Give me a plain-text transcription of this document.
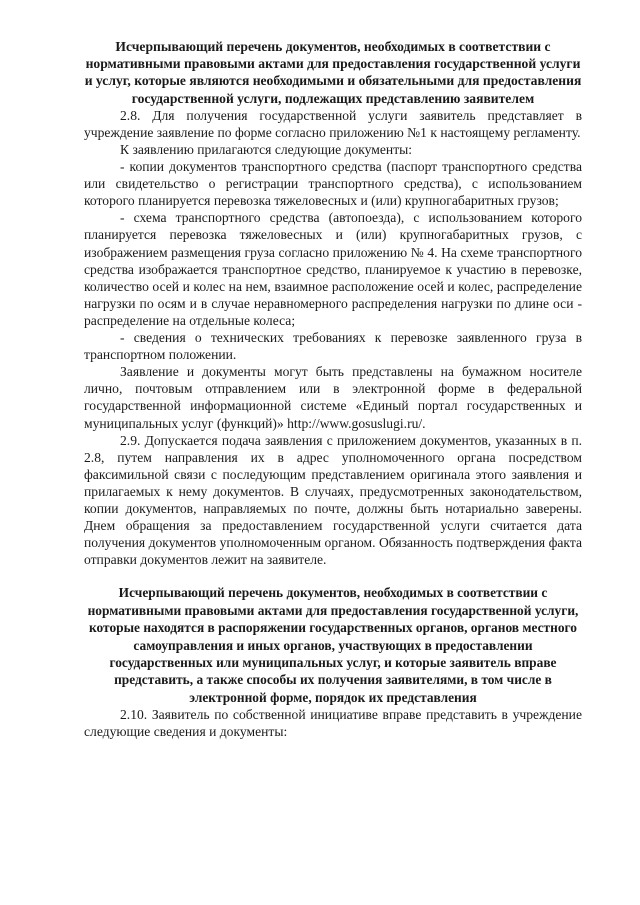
Исчерпывающий перечень документов, необходимых в соответствии с нормативными правовыми актами для предоставления государственной услуги и услуг, которые являются необходимыми и обязательными для предоставления государственной услуги, подлежащих представлению заявителем

2.8. Для получения государственной услуги заявитель представляет в учреждение заявление по форме согласно приложению №1 к настоящему регламенту.

К заявлению прилагаются следующие документы:

- копии документов транспортного средства (паспорт транспортного средства или свидетельство о регистрации транспортного средства), с использованием которого планируется перевозка тяжеловесных и (или) крупногабаритных грузов;

- схема транспортного средства (автопоезда), с использованием которого планируется перевозка тяжеловесных и (или) крупногабаритных грузов, с изображением размещения груза согласно приложению № 4. На схеме транспортного средства изображается транспортное средство, планируемое к участию в перевозке, количество осей и колес на нем, взаимное расположение осей и колес, распределение нагрузки по осям и в случае неравномерного распределения нагрузки по длине оси - распределение на отдельные колеса;

- сведения о технических требованиях к перевозке заявленного груза в транспортном положении.

Заявление и документы могут быть представлены на бумажном носителе лично, почтовым отправлением или в электронной форме в федеральной государственной информационной системе «Единый портал государственных и муниципальных услуг (функций)» http://www.gosuslugi.ru/.

2.9. Допускается подача заявления с приложением документов, указанных в п. 2.8, путем направления их в адрес уполномоченного органа посредством факсимильной связи с последующим представлением оригинала этого заявления и прилагаемых к нему документов. В случаях, предусмотренных законодательством, копии документов, направляемых по почте, должны быть нотариально заверены. Днем обращения за предоставлением государственной услуги считается дата получения документов уполномоченным органом. Обязанность подтверждения факта отправки документов лежит на заявителе.

Исчерпывающий перечень документов, необходимых в соответствии с нормативными правовыми актами для предоставления государственной услуги, которые находятся в распоряжении государственных органов, органов местного самоуправления и иных органов, участвующих в предоставлении государственных или муниципальных услуг, и которые заявитель вправе представить, а также способы их получения заявителями, в том числе в электронной форме, порядок их представления

2.10. Заявитель по собственной инициативе вправе представить в учреждение следующие сведения и документы:
